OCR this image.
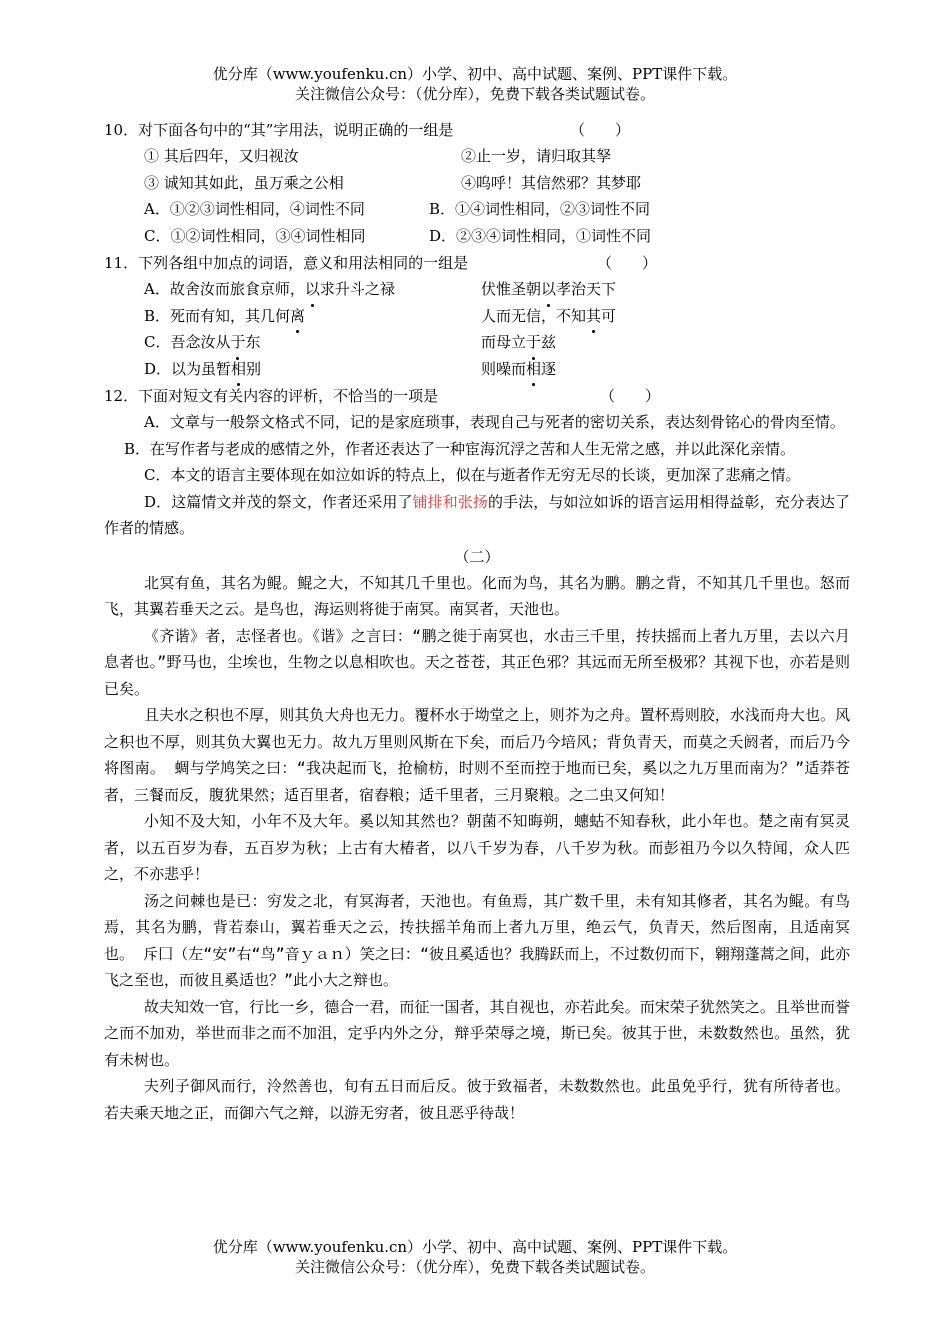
优分库（www.youfenku.cn）小学、初中、高中试题、案例、PPT课件下载。
关注微信公众号：（优分库），免费下载各类试题试卷。
10．对下面各句中的“其”字用法，说明正确的一组是	（　　）
① 其后四年，又归视汝	②止一岁，请归取其孥
③ 诚知其如此，虽万乘之公相	④呜呼！其信然邪？其梦耶
A．①②③词性相同，④词性不同	B．①④词性相同，②③词性不同
C．①②词性相同，③④词性相同	D．②③④词性相同，①词性不同
11．下列各组中加点的词语，意义和用法相同的一组是	（　　）
A．故舍汝而旅食京师，以求升斗之禄	伏惟圣朝以孝治天下
B．死而有知，其几何离	人而无信，不知其可
C．吾念汝从于东	而母立于兹
D．以为虽暂相别	则噪而相逐
12．下面对短文有关内容的评析，不恰当的一项是	（　　）

A．文章与一般祭文格式不同，记的是家庭琐事，表现自己与死者的密切关系，表达刻骨铭心的骨肉至情。

B．在写作者与老成的感情之外，作者还表达了一种宦海沉浮之苦和人生无常之感，并以此深化亲情。

C．本文的语言主要体现在如泣如诉的特点上，似在与逝者作无穷无尽的长谈，更加深了悲痛之情。

D．这篇情文并茂的祭文，作者还采用了铺排和张扬的手法，与如泣如诉的语言运用相得益彰，充分表达了作者的情感。

（二）

北冥有鱼，其名为鲲。鲲之大，不知其几千里也。化而为鸟，其名为鹏。鹏之背，不知其几千里也。怒而飞，其翼若垂天之云。是鸟也，海运则将徙于南冥。南冥者，天池也。

《齐谐》者，志怪者也。《谐》之言曰：“鹏之徙于南冥也，水击三千里，抟扶摇而上者九万里，去以六月息者也。”野马也，尘埃也，生物之以息相吹也。天之苍苍，其正色邪？其远而无所至极邪？其视下也，亦若是则已矣。

且夫水之积也不厚，则其负大舟也无力。覆杯水于坳堂之上，则芥为之舟。置杯焉则胶，水浅而舟大也。风之积也不厚，则其负大翼也无力。故九万里则风斯在下矣，而后乃今培风；背负青天，而莫之夭阏者，而后乃今将图南。 蜩与学鸠笑之曰：“我决起而飞，抢榆枋，时则不至而控于地而已矣，奚以之九万里而南为？”适莽苍者，三餐而反，腹犹果然；适百里者，宿舂粮；适千里者，三月聚粮。之二虫又何知！

小知不及大知，小年不及大年。奚以知其然也？朝菌不知晦朔，蟪蛄不知春秋，此小年也。楚之南有冥灵者，以五百岁为春，五百岁为秋；上古有大椿者，以八千岁为春，八千岁为秋。而彭祖乃今以久特闻，众人匹之，不亦悲乎！

汤之问棘也是已：穷发之北，有冥海者，天池也。有鱼焉，其广数千里，未有知其修者，其名为鲲。有鸟焉，其名为鹏，背若泰山，翼若垂天之云，抟扶摇羊角而上者九万里，绝云气，负青天，然后图南，且适南冥也。 斥囗（左“安”右“鸟”音ｙａｎ）笑之曰：“彼且奚适也？我腾跃而上，不过数仞而下，翱翔蓬蒿之间，此亦飞之至也，而彼且奚适也？”此小大之辩也。

故夫知效一官，行比一乡，德合一君，而征一国者，其自视也，亦若此矣。而宋荣子犹然笑之。且举世而誉之而不加劝，举世而非之而不加沮，定乎内外之分，辩乎荣辱之境，斯已矣。彼其于世，未数数然也。虽然，犹有未树也。

夫列子御风而行，泠然善也，旬有五日而后反。彼于致福者，未数数然也。此虽免乎行，犹有所待者也。 若夫乘天地之正，而御六气之辩，以游无穷者，彼且恶乎待哉！

优分库（www.youfenku.cn）小学、初中、高中试题、案例、PPT课件下载。
关注微信公众号：（优分库），免费下载各类试题试卷。
